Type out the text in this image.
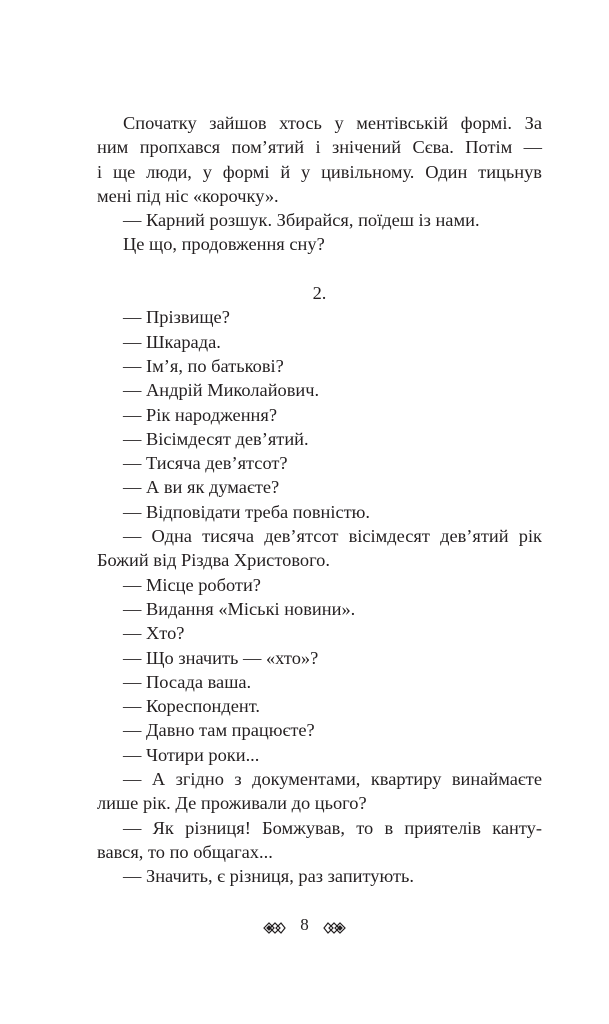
Спочатку зайшов хтось у ментівській формі. За
ним пропхався пом’ятий і знічений Сєва. Потім —
і ще люди, у формі й у цивільному. Один тицьнув
мені під ніс «корочку».
— Карний розшук. Збирайся, поїдеш із нами.
Це що, продовження сну?
2.
— Прізвище?
— Шкарада.
— Ім’я, по батькові?
— Андрій Миколайович.
— Рік народження?
— Вісімдесят дев’ятий.
— Тисяча дев’ятсот?
— А ви як думаєте?
— Відповідати треба повністю.
— Одна тисяча дев’ятсот вісімдесят дев’ятий рік
Божий від Різдва Христового.
— Місце роботи?
— Видання «Міські новини».
— Хто?
— Що значить — «хто»?
— Посада ваша.
— Кореспондент.
— Давно там працюєте?
— Чотири роки...
— А згідно з документами, квартиру винаймаєте
лише рік. Де проживали до цього?
— Як різниця! Бомжував, то в приятелів канту-
вався, то по общагах...
— Значить, є різниця, раз запитують.
8
